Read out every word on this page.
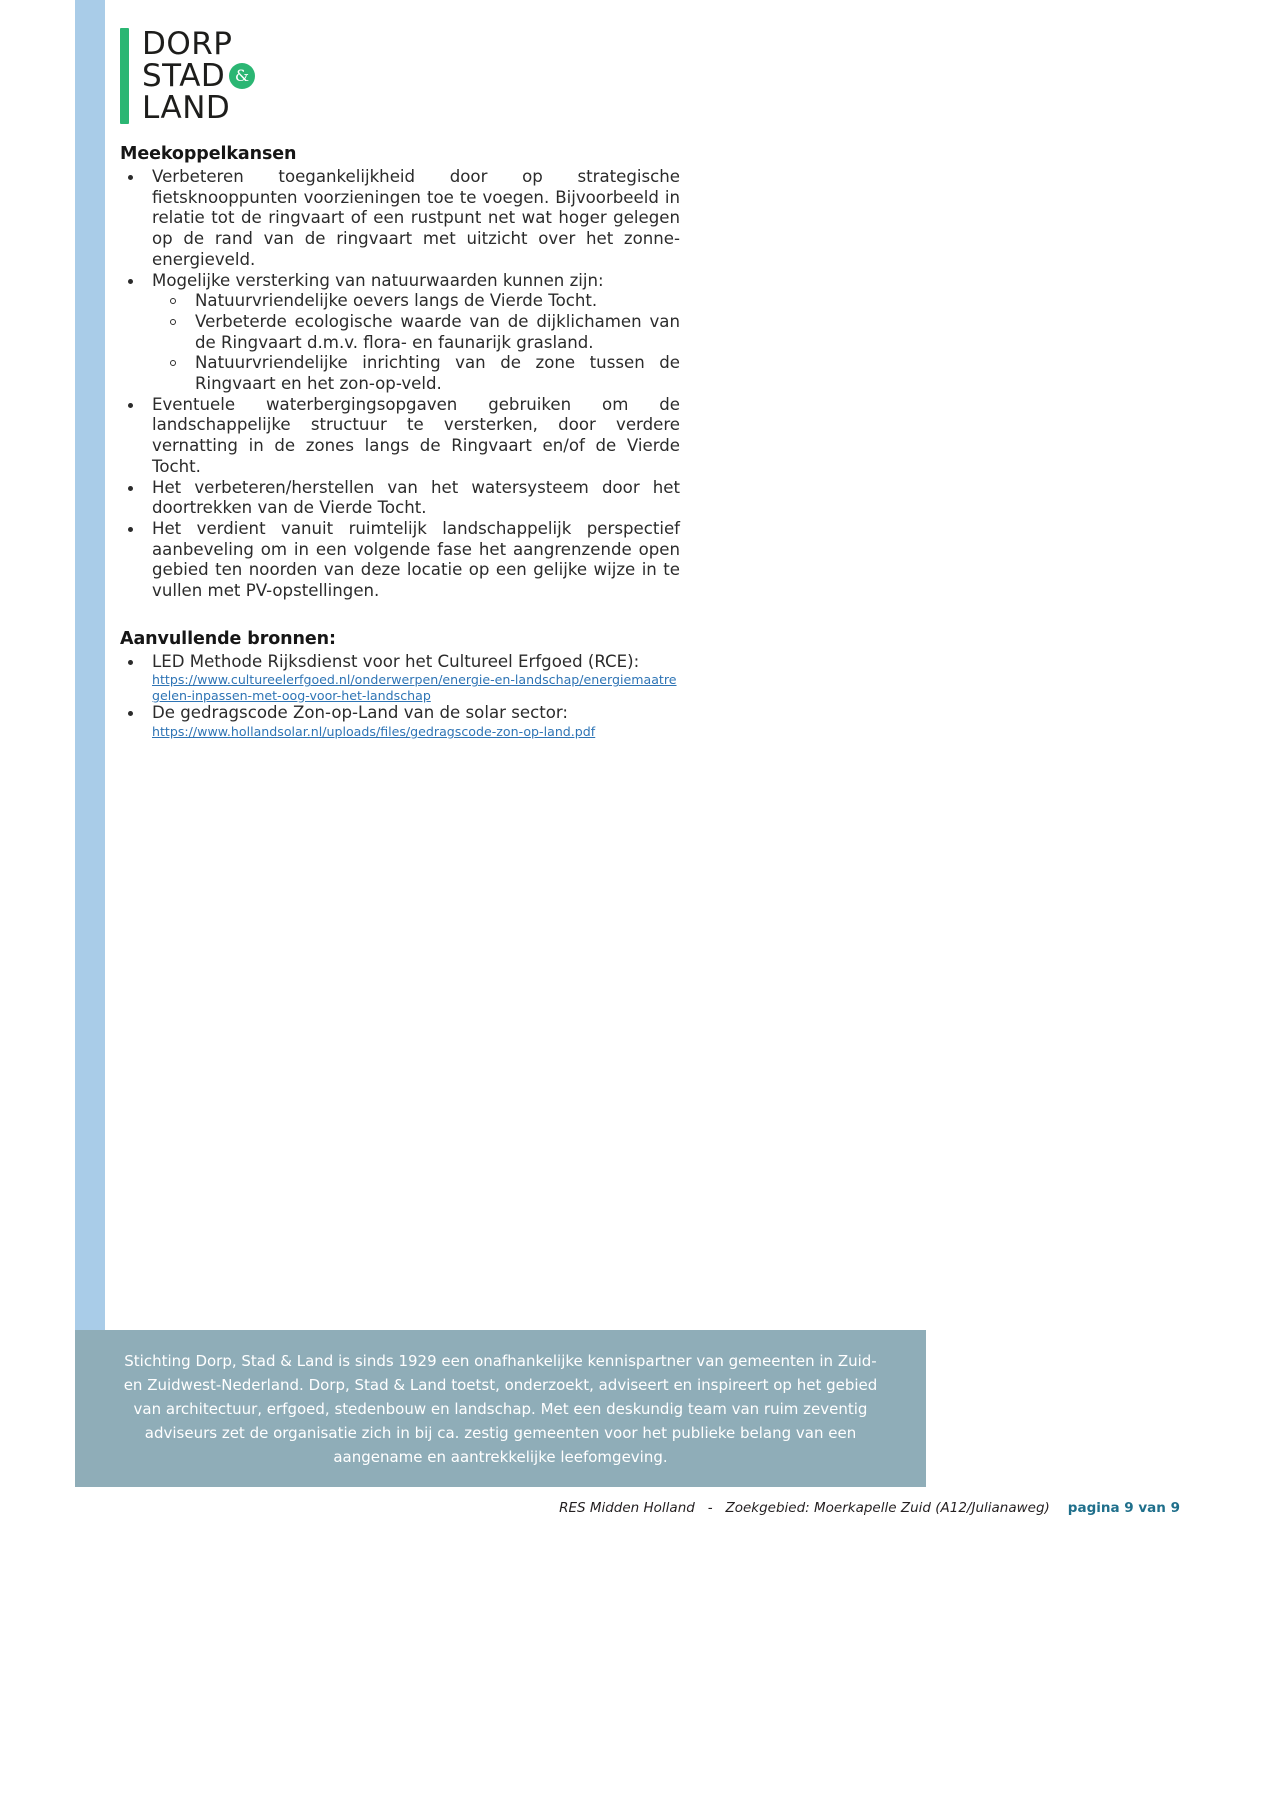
DORP
STAD &
LAND
Meekoppelkansen
Verbeteren toegankelijkheid door op strategische fietsknooppunten voorzieningen toe te voegen. Bijvoorbeeld in relatie tot de ringvaart of een rustpunt net wat hoger gelegen op de rand van de ringvaart met uitzicht over het zonne-energieveld.
Mogelijke versterking van natuurwaarden kunnen zijn:
Natuurvriendelijke oevers langs de Vierde Tocht.
Verbeterde ecologische waarde van de dijklichamen van de Ringvaart d.m.v. flora- en faunarijk grasland.
Natuurvriendelijke inrichting van de zone tussen de Ringvaart en het zon-op-veld.
Eventuele waterbergingsopgaven gebruiken om de landschappelijke structuur te versterken, door verdere vernatting in de zones langs de Ringvaart en/of de Vierde Tocht.
Het verbeteren/herstellen van het watersysteem door het doortrekken van de Vierde Tocht.
Het verdient vanuit ruimtelijk landschappelijk perspectief aanbeveling om in een volgende fase het aangrenzende open gebied ten noorden van deze locatie op een gelijke wijze in te vullen met PV-opstellingen.
Aanvullende bronnen:
LED Methode Rijksdienst voor het Cultureel Erfgoed (RCE):
https://www.cultureelerfgoed.nl/onderwerpen/energie-en-landschap/energiemaatregelen-inpassen-met-oog-voor-het-landschap
De gedragscode Zon-op-Land van de solar sector:
https://www.hollandsolar.nl/uploads/files/gedragscode-zon-op-land.pdf

Stichting Dorp, Stad & Land is sinds 1929 een onafhankelijke kennispartner van gemeenten in Zuid- en Zuidwest-Nederland. Dorp, Stad & Land toetst, onderzoekt, adviseert en inspireert op het gebied van architectuur, erfgoed, stedenbouw en landschap. Met een deskundig team van ruim zeventig adviseurs zet de organisatie zich in bij ca. zestig gemeenten voor het publieke belang van een aangename en aantrekkelijke leefomgeving.

RES Midden Holland   -   Zoekgebied: Moerkapelle Zuid (A12/Julianaweg) pagina 9 van 9
